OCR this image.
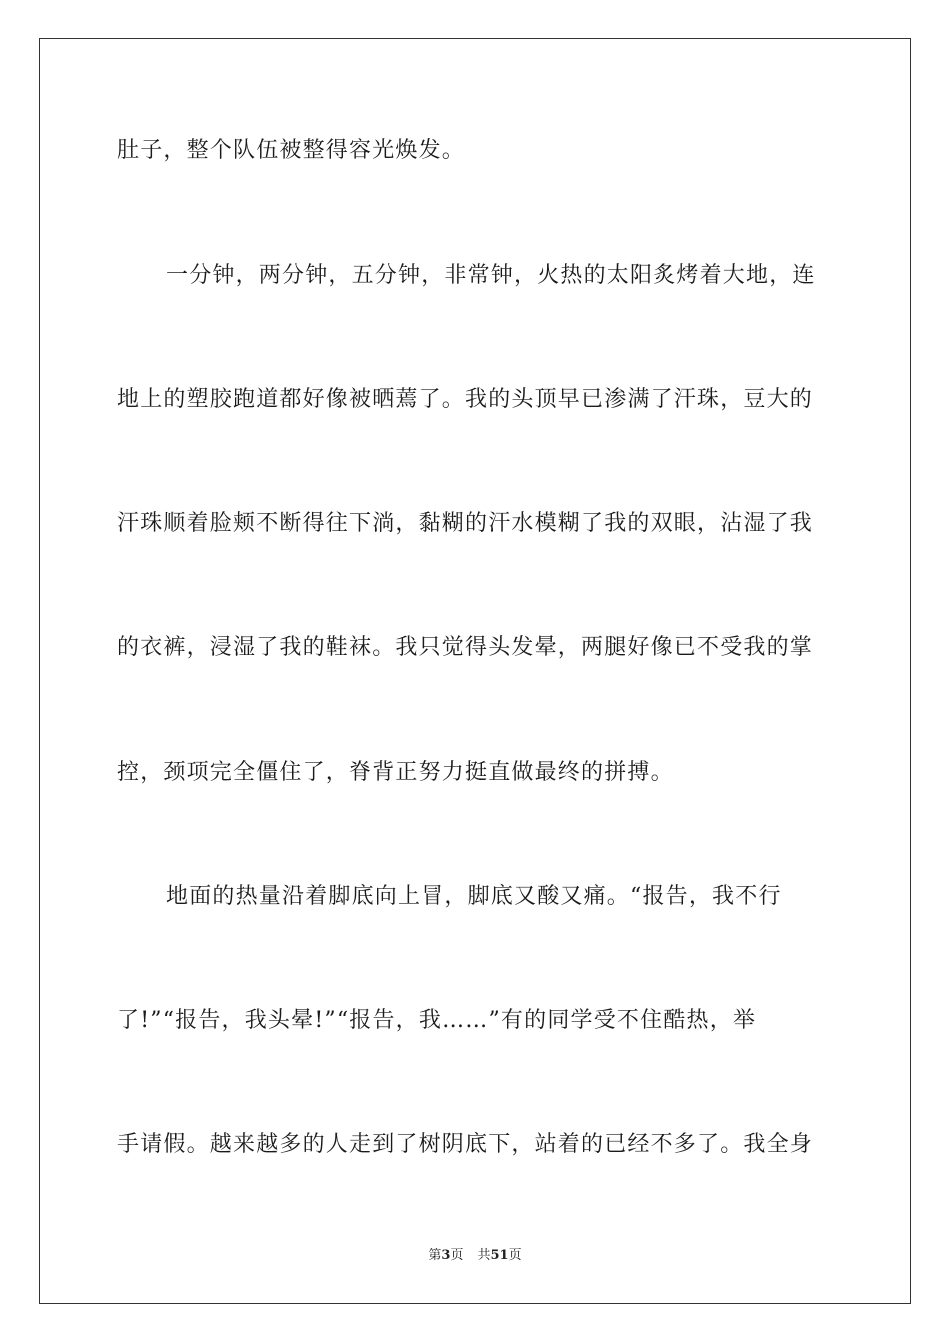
肚子，整个队伍被整得容光焕发。
一分钟，两分钟，五分钟，非常钟，火热的太阳炙烤着大地，连
地上的塑胶跑道都好像被晒蔫了。我的头顶早已渗满了汗珠，豆大的
汗珠顺着脸颊不断得往下淌，黏糊的汗水模糊了我的双眼，沾湿了我
的衣裤，浸湿了我的鞋袜。我只觉得头发晕，两腿好像已不受我的掌
控，颈项完全僵住了，脊背正努力挺直做最终的拼搏。
地面的热量沿着脚底向上冒，脚底又酸又痛。“报告，我不行
了!”“报告，我头晕!”“报告，我……”有的同学受不住酷热，举
手请假。越来越多的人走到了树阴底下，站着的已经不多了。我全身
第3页 共51页
